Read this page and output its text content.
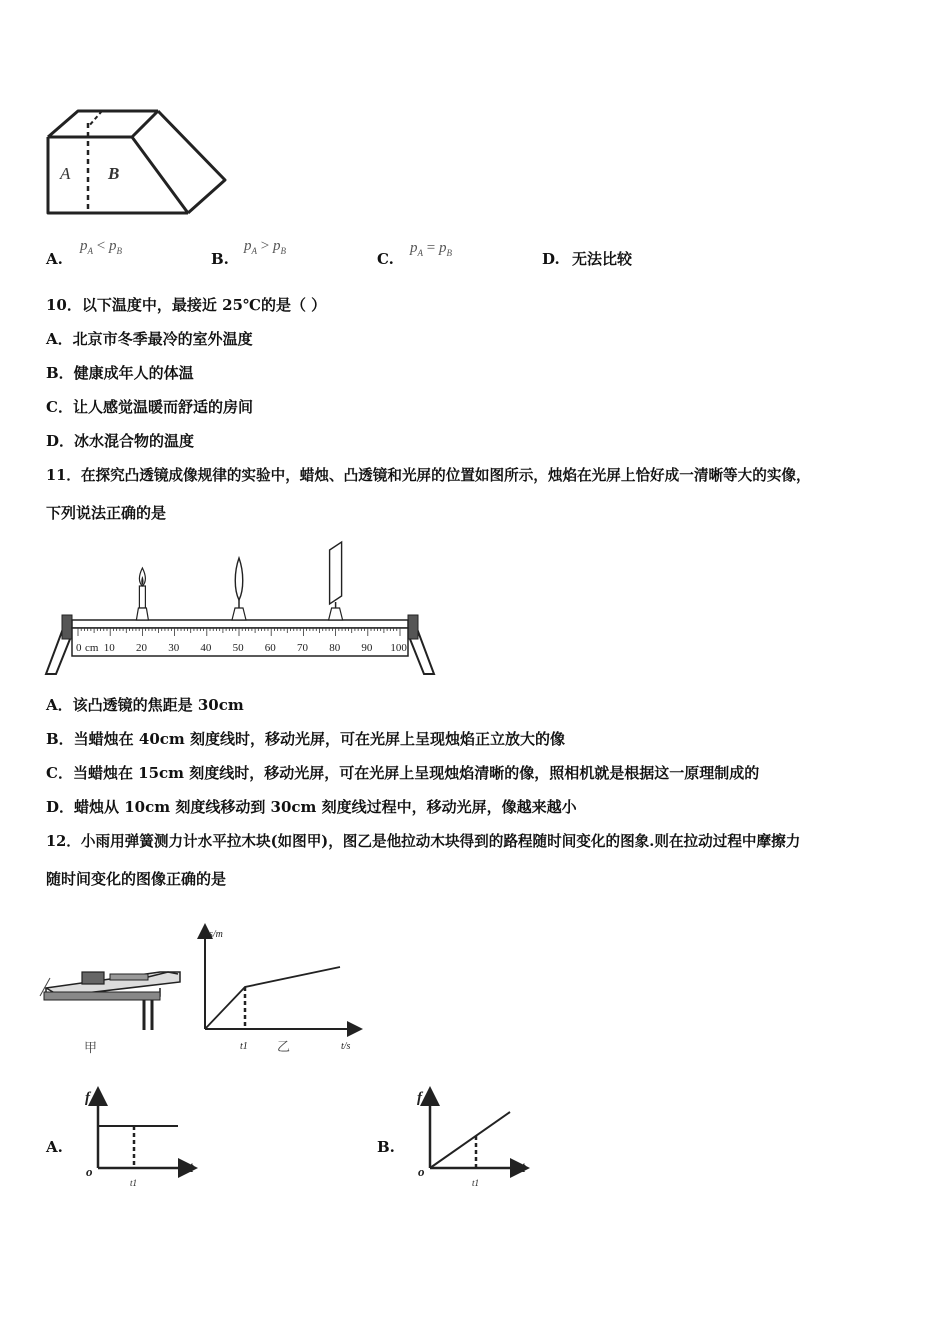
A B
A.
$p_A < p_B$	B.
$p_A > p_B$	C.
$p_A = p_B$	D. 无法比较
10．以下温度中，最接近 25℃的是（ ）
A．北京市冬季最冷的室外温度
B．健康成年人的体温
C．让人感觉温暖而舒适的房间
D．冰水混合物的温度
11．在探究凸透镜成像规律的实验中，蜡烛、凸透镜和光屏的位置如图所示，烛焰在光屏上恰好成一清晰等大的实像，
下列说法正确的是
0 10 20 30 40 50 60 70 80 90 100
cm
A．该凸透镜的焦距是 30cm
B．当蜡烛在 40cm 刻度线时，移动光屏，可在光屏上呈现烛焰正立放大的像
C．当蜡烛在 15cm 刻度线时，移动光屏，可在光屏上呈现烛焰清晰的像，照相机就是根据这一原理制成的
D．蜡烛从 10cm 刻度线移动到 30cm 刻度线过程中，移动光屏，像越来越小
12．小雨用弹簧测力计水平拉木块(如图甲)，图乙是他拉动木块得到的路程随时间变化的图象.则在拉动过程中摩擦力
随时间变化的图像正确的是
甲
s/m
t/s
t1 乙
A.
f
t
o
t1
B.
f
t
o
t1
